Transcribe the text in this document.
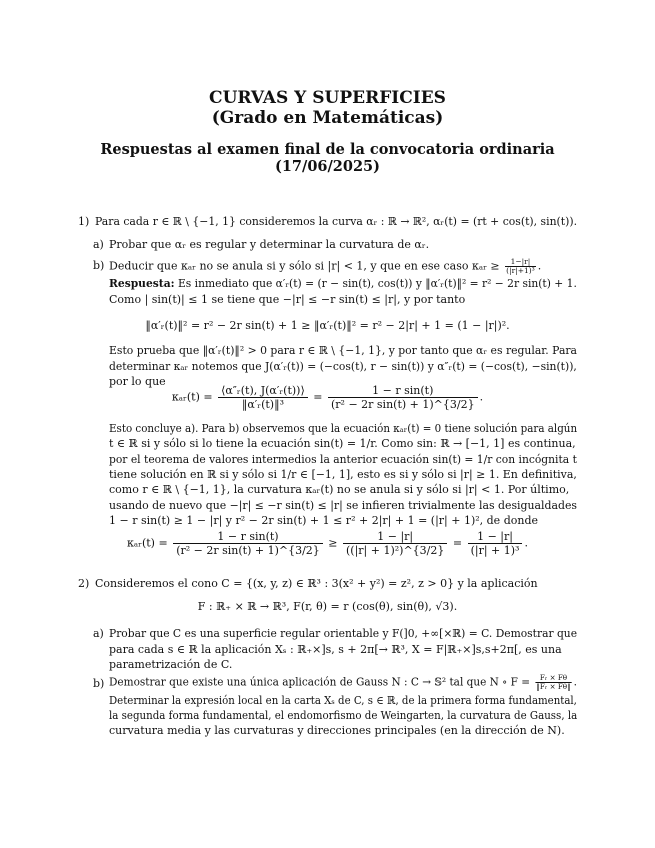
CURVAS Y SUPERFICIES
(Grado en Matemáticas)
Respuestas al examen final de la convocatoria ordinaria
(17/06/2025)
1) Para cada r ∈ ℝ \ {−1, 1} consideremos la curva αᵣ : ℝ → ℝ², αᵣ(t) = (rt + cos(t), sin(t)).
a) Probar que αᵣ es regular y determinar la curvatura de αᵣ.
b) Deducir que κₐᵣ no se anula si y sólo si |r| < 1, y que en ese caso κₐᵣ ≥ $\frac{1-|r|}{\text{(|r|+1)³}}$ .
Respuesta: Es inmediato que α′ᵣ(t) = (r − sin(t), cos(t)) y ‖α′ᵣ(t)‖² = r² − 2r sin(t) + 1.
Como | sin(t)| ≤ 1 se tiene que −|r| ≤ −r sin(t) ≤ |r|, y por tanto
‖α′ᵣ(t)‖² = r² − 2r sin(t) + 1 ≥ ‖α′ᵣ(t)‖² = r² − 2|r| + 1 = (1 − |r|)².
Esto prueba que ‖α′ᵣ(t)‖² > 0 para r ∈ ℝ \ {−1, 1}, y por tanto que αᵣ es regular. Para
determinar κₐᵣ notemos que J(α′ᵣ(t)) = (−cos(t), r − sin(t)) y α″ᵣ(t) = (−cos(t), −sin(t)),
por lo que
κₐᵣ(t) = $\frac{\text{⟨α″ᵣ(t), J(α′ᵣ(t))⟩}}{\text{‖α′ᵣ(t)‖³}} = \frac{\text{1 − r sin(t)}}{\text{(r² − 2r sin(t) + 1)\textasciicircum{}\{3/2\}}}$ .
Esto concluye a). Para b) observemos que la ecuación κₐᵣ(t) = 0 tiene solución para algún
t ∈ ℝ si y sólo si lo tiene la ecuación sin(t) = 1/r. Como sin: ℝ → [−1, 1] es continua,
por el teorema de valores intermedios la anterior ecuación sin(t) = 1/r con incógnita t
tiene solución en ℝ si y sólo si 1/r ∈ [−1, 1], esto es si y sólo si |r| ≥ 1. En definitiva,
como r ∈ ℝ \ {−1, 1}, la curvatura κₐᵣ(t) no se anula si y sólo si |r| < 1. Por último,
usando de nuevo que −|r| ≤ −r sin(t) ≤ |r| se infieren trivialmente las desigualdades
1 − r sin(t) ≥ 1 − |r| y r² − 2r sin(t) + 1 ≤ r² + 2|r| + 1 = (|r| + 1)², de donde
κₐᵣ(t) = $\frac{\text{1 − r sin(t)}}{\text{(r² − 2r sin(t) + 1)\textasciicircum{}\{3/2\}}} \ge \frac{1 - |r|}{\text{((|r| + 1)²)\textasciicircum{}\{3/2\}}} = \frac{1 - |r|}{\text{(|r| + 1)³}}$ .
2) Consideremos el cono C = {(x, y, z) ∈ ℝ³ : 3(x² + y²) = z², z > 0} y la aplicación
F : ℝ₊ × ℝ → ℝ³, F(r, θ) = r (cos(θ), sin(θ), √3).
a) Probar que C es una superficie regular orientable y F(]0, +∞[×ℝ) = C. Demostrar que
para cada s ∈ ℝ la aplicación Xₛ : ℝ₊×]s, s + 2π[→ ℝ³, X = F|ℝ₊×]s,s+2π[, es una
parametrización de C.
b) Demostrar que existe una única aplicación de Gauss N : C → 𝕊² tal que N ∘ $F = \frac{\text{Fᵣ × Fθ}}{\text{‖Fᵣ × Fθ‖}}$ .
Determinar la expresión local en la carta Xₛ de C, s ∈ ℝ, de la primera forma fundamental,
la segunda forma fundamental, el endomorfismo de Weingarten, la curvatura de Gauss, la
curvatura media y las curvaturas y direcciones principales (en la dirección de N).
